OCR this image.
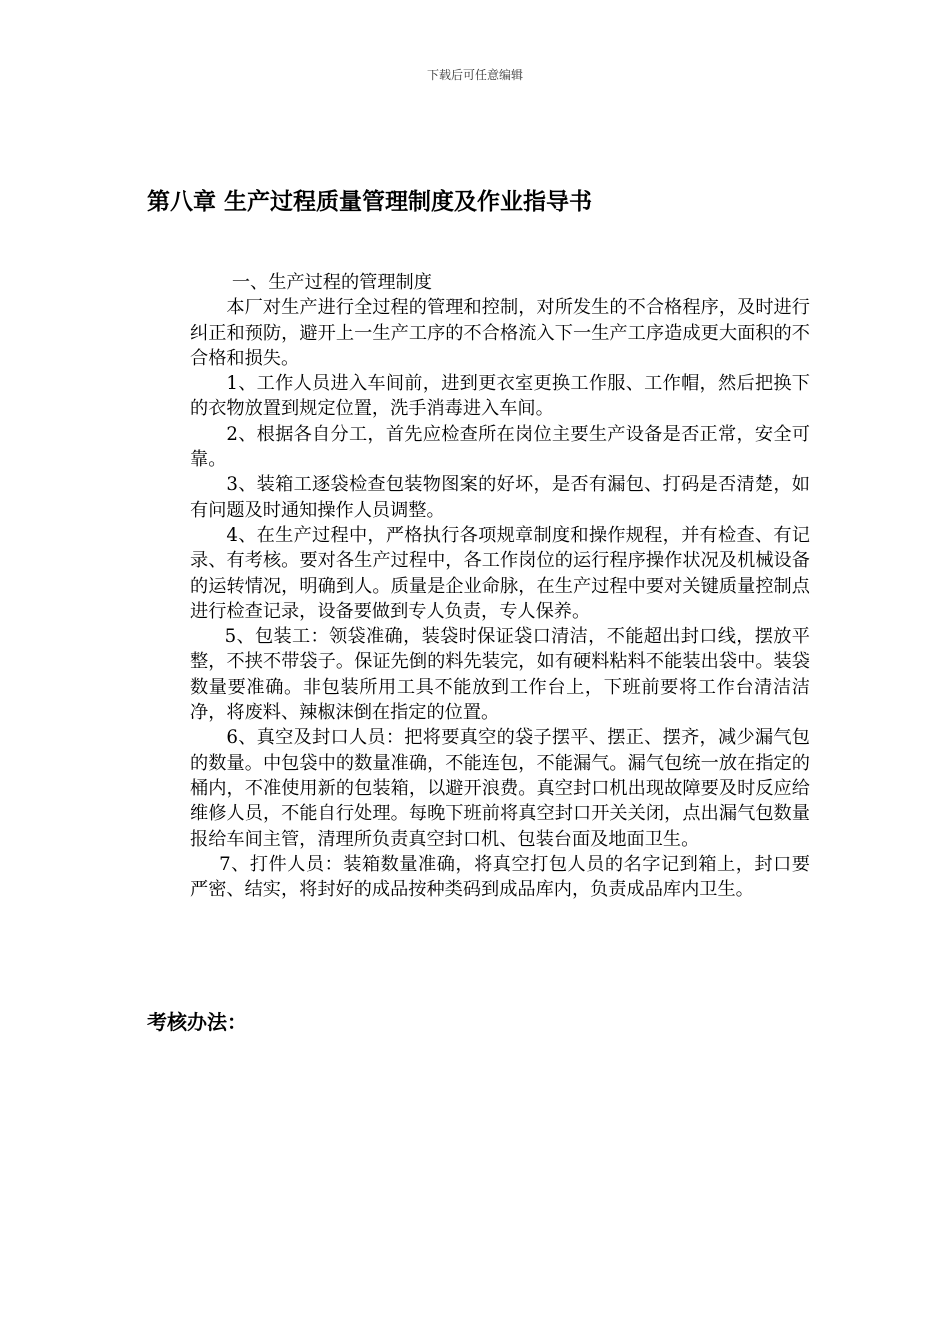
下载后可任意编辑
第八章 生产过程质量管理制度及作业指导书

一、生产过程的管理制度

本厂对生产进行全过程的管理和控制，对所发生的不合格程序，及时进行纠正和预防，避开上一生产工序的不合格流入下一生产工序造成更大面积的不合格和损失。

1、工作人员进入车间前，进到更衣室更换工作服、工作帽，然后把换下的衣物放置到规定位置，洗手消毒进入车间。

2、根据各自分工，首先应检查所在岗位主要生产设备是否正常，安全可靠。

3、装箱工逐袋检查包装物图案的好坏，是否有漏包、打码是否清楚，如有问题及时通知操作人员调整。

4、在生产过程中，严格执行各项规章制度和操作规程，并有检查、有记录、有考核。要对各生产过程中，各工作岗位的运行程序操作状况及机械设备的运转情况，明确到人。质量是企业命脉，在生产过程中要对关键质量控制点进行检查记录，设备要做到专人负责，专人保养。

5、包装工：领袋准确，装袋时保证袋口清洁，不能超出封口线，摆放平整，不挟不带袋子。保证先倒的料先装完，如有硬料粘料不能装出袋中。装袋数量要准确。非包装所用工具不能放到工作台上，下班前要将工作台清洁洁净，将废料、辣椒沫倒在指定的位置。

6、真空及封口人员：把将要真空的袋子摆平、摆正、摆齐，减少漏气包的数量。中包袋中的数量准确，不能连包，不能漏气。漏气包统一放在指定的桶内，不准使用新的包装箱，以避开浪费。真空封口机出现故障要及时反应给维修人员，不能自行处理。每晚下班前将真空封口开关关闭，点出漏气包数量报给车间主管，清理所负责真空封口机、包装台面及地面卫生。

7、打件人员：装箱数量准确，将真空打包人员的名字记到箱上，封口要严密、结实，将封好的成品按种类码到成品库内，负责成品库内卫生。

考核办法：
